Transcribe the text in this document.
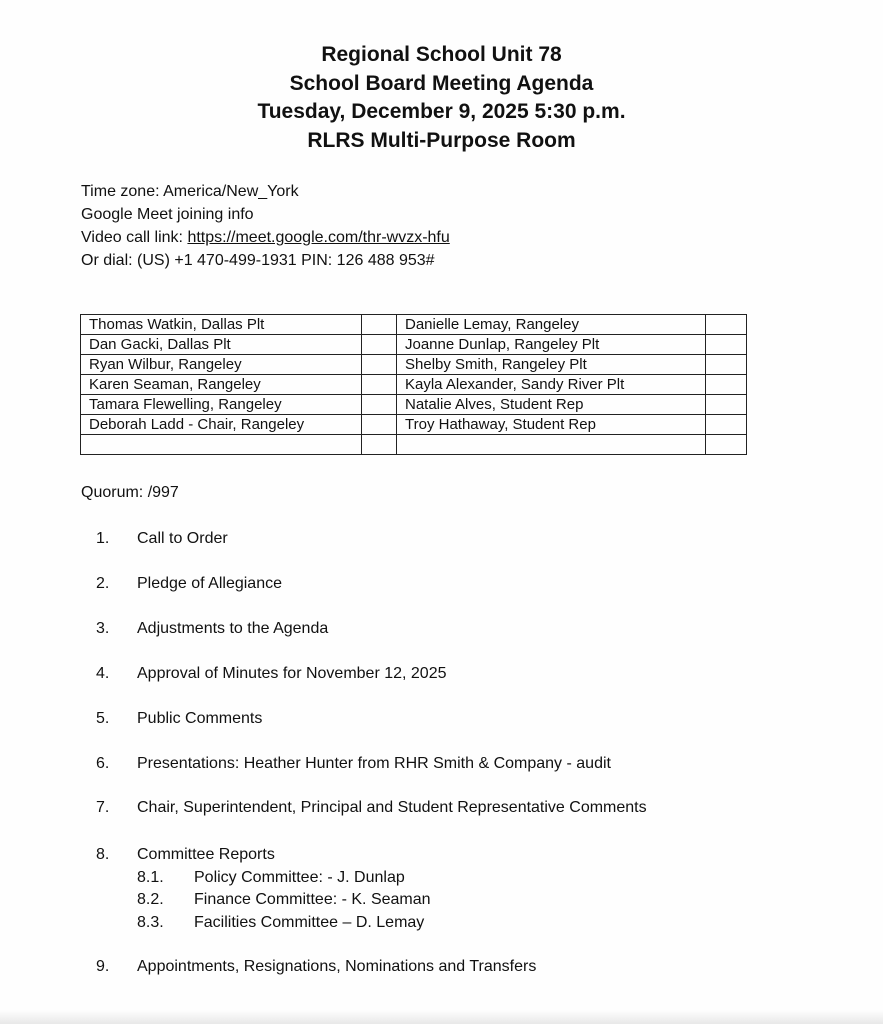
Regional School Unit 78
School Board Meeting Agenda
Tuesday, December 9, 2025 5:30 p.m.
RLRS Multi-Purpose Room
Time zone: America/New_York
Google Meet joining info
Video call link: https://meet.google.com/thr-wvzx-hfu
Or dial: (US) +1 470-499-1931 PIN: 126 488 953#
Thomas Watkin, Dallas Plt		Danielle Lemay, Rangeley	
Dan Gacki, Dallas Plt		Joanne Dunlap, Rangeley Plt	
Ryan Wilbur, Rangeley		Shelby Smith, Rangeley Plt	
Karen Seaman, Rangeley		Kayla Alexander, Sandy River Plt	
Tamara Flewelling, Rangeley		Natalie Alves, Student Rep	
Deborah Ladd - Chair, Rangeley		Troy Hathaway, Student Rep	

Quorum: /997
1. Call to Order
2. Pledge of Allegiance
3. Adjustments to the Agenda
4. Approval of Minutes for November 12, 2025
5. Public Comments
6. Presentations: Heather Hunter from RHR Smith & Company - audit
7. Chair, Superintendent, Principal and Student Representative Comments
8. Committee Reports
8.1. Policy Committee: - J. Dunlap
8.2. Finance Committee: - K. Seaman
8.3. Facilities Committee – D. Lemay
9. Appointments, Resignations, Nominations and Transfers
